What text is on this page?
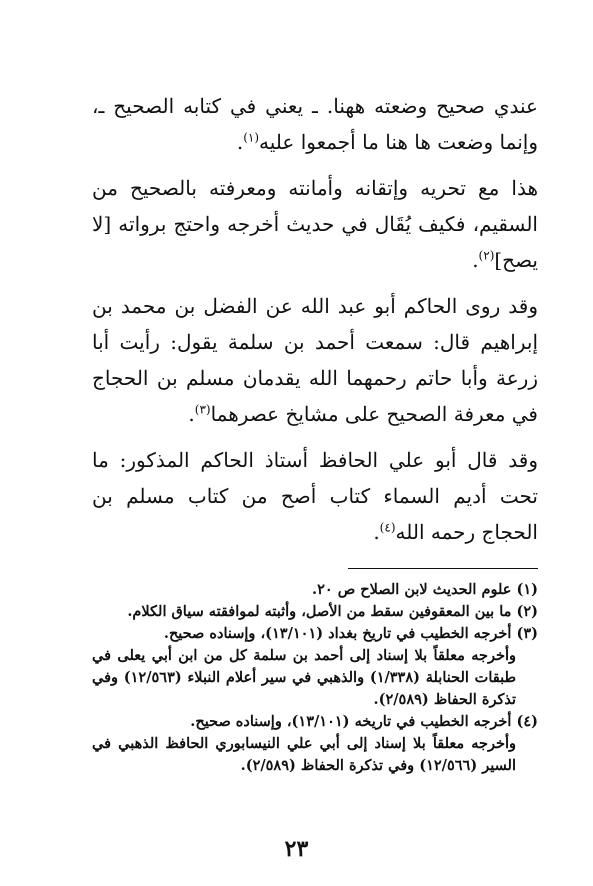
عندي صحيح وضعته ههنا. ـ يعني في كتابه الصحيح ـ، وإنما وضعت ها هنا ما أجمعوا عليه$^{(١)}$.

هذا مع تحريه وإتقانه وأمانته ومعرفته بالصحيح من السقيم، فكيف يُقَال في حديث أخرجه واحتج برواته [لا يصح]$^{(٢)}$.

وقد روى الحاكم أبو عبد الله عن الفضل بن محمد بن إبراهيم قال: سمعت أحمد بن سلمة يقول: رأيت أبا زرعة وأبا حاتم رحمهما الله يقدمان مسلم بن الحجاج في معرفة الصحيح على مشايخ عصرهما$^{(٣)}$.

وقد قال أبو علي الحافظ أستاذ الحاكم المذكور: ما تحت أديم السماء كتاب أصح من كتاب مسلم بن الحجاج رحمه الله$^{(٤)}$.

(١) علوم الحديث لابن الصلاح ص ٢٠.

(٢) ما بين المعقوفين سقط من الأصل، وأثبته لموافقته سياق الكلام.

(٣) أخرجه الخطيب في تاريخ بغداد (١٣/١٠١)، وإسناده صحيح.

وأخرجه معلقاً بلا إسناد إلى أحمد بن سلمة كل من ابن أبي يعلى في طبقات الحنابلة (١/٣٣٨) والذهبي في سير أعلام النبلاء (١٢/٥٦٣) وفي تذكرة الحفاظ (٢/٥٨٩).

(٤) أخرجه الخطيب في تاريخه (١٣/١٠١)، وإسناده صحيح.

وأخرجه معلقاً بلا إسناد إلى أبي علي النيسابوري الحافظ الذهبي في السير (١٢/٥٦٦) وفي تذكرة الحفاظ (٢/٥٨٩).

٢٣
